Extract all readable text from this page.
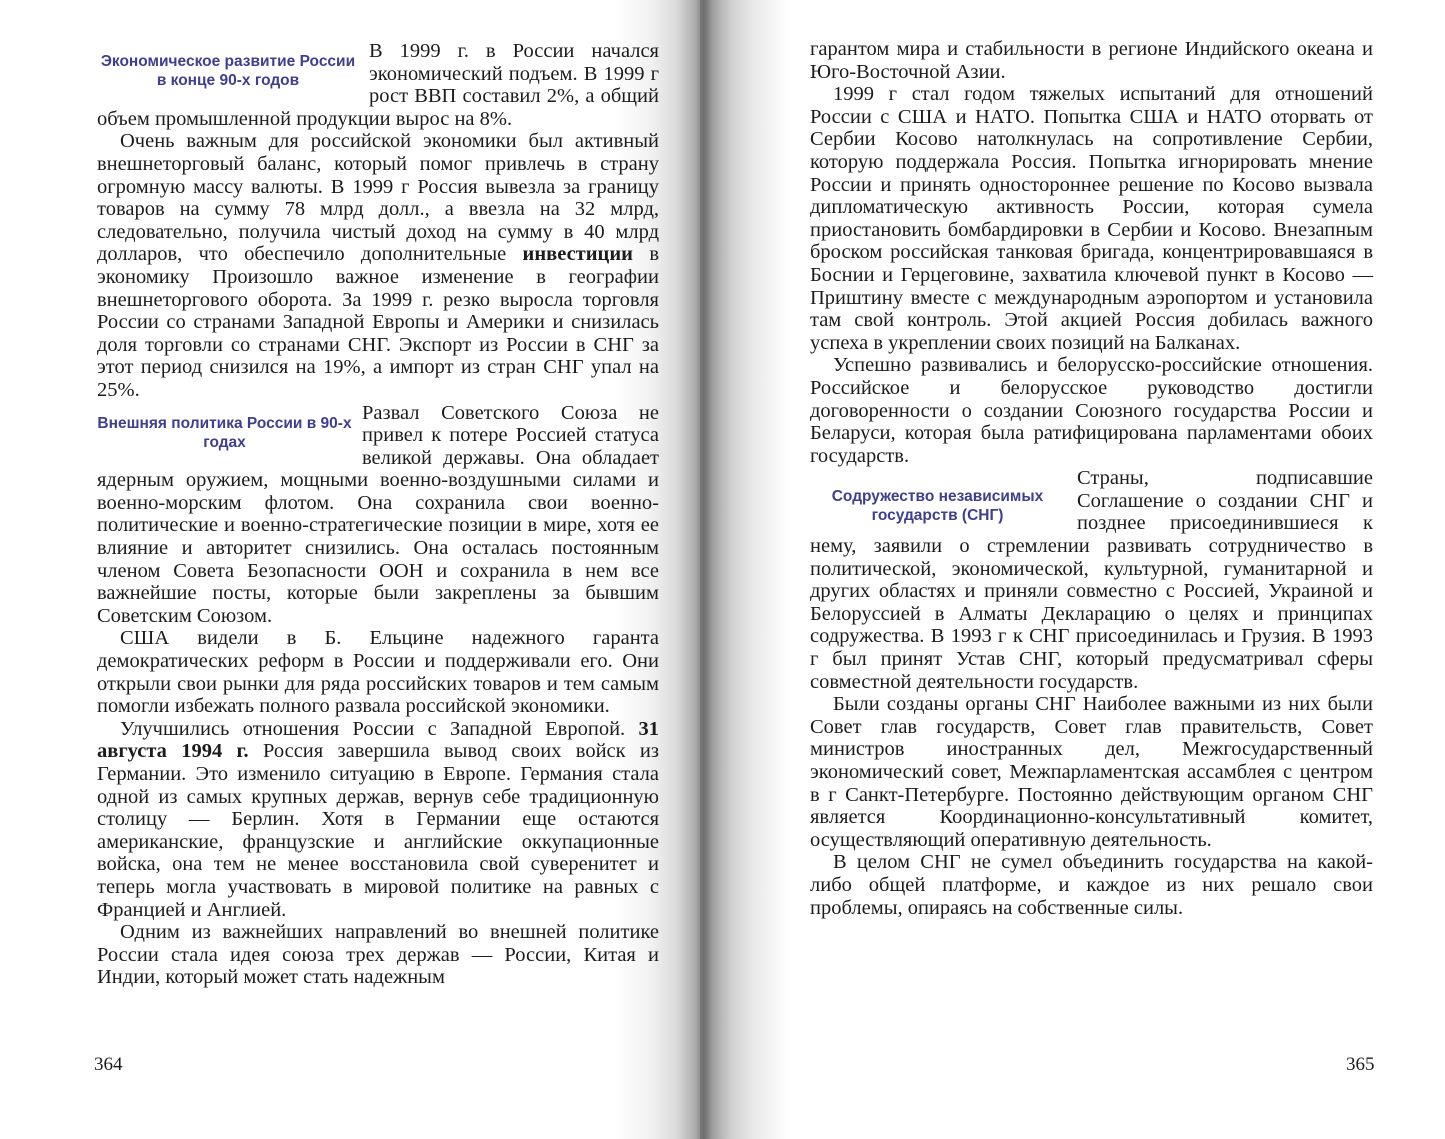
Экономическое развитие России в конце 90-х годов

В 1999 г. в России начался экономический подъем. В 1999 г рост ВВП составил 2%, а общий объем промышленной продукции вырос на 8%.

Очень важным для российской экономики был активный внешнеторговый баланс, который помог привлечь в страну огромную массу валюты. В 1999 г Россия вывезла за границу товаров на сумму 78 млрд долл., а ввезла на 32 млрд, следовательно, получила чистый доход на сумму в 40 млрд долларов, что обеспечило дополнительные инвестиции в экономику Произошло важное изменение в географии внешнеторгового оборота. За 1999 г. резко выросла торговля России со странами Западной Европы и Америки и снизилась доля торговли со странами СНГ. Экспорт из России в СНГ за этот период снизился на 19%, а импорт из стран СНГ упал на 25%.

Внешняя политика России в 90-х годах

Развал Советского Союза не привел к потере Россией статуса великой державы. Она обладает ядерным оружием, мощными военно-воздушными силами и военно-морским флотом. Она сохранила свои военно-политические и военно-стратегические позиции в мире, хотя ее влияние и авторитет снизились. Она осталась постоянным членом Совета Безопасности ООН и сохранила в нем все важнейшие посты, которые были закреплены за бывшим Советским Союзом.

США видели в Б. Ельцине надежного гаранта демократических реформ в России и поддерживали его. Они открыли свои рынки для ряда российских товаров и тем самым помогли избежать полного развала российской экономики.

Улучшились отношения России с Западной Европой. 31 августа 1994 г. Россия завершила вывод своих войск из Германии. Это изменило ситуацию в Европе. Германия стала одной из самых крупных держав, вернув себе традиционную столицу — Берлин. Хотя в Германии еще остаются американские, французские и английские оккупационные войска, она тем не менее восстановила свой суверенитет и теперь могла участвовать в мировой политике на равных с Францией и Англией.

Одним из важнейших направлений во внешней политике России стала идея союза трех держав — России, Китая и Индии, который может стать надежным

364

гарантом мира и стабильности в регионе Индийского океана и Юго-Восточной Азии.

1999 г стал годом тяжелых испытаний для отношений России с США и НАТО. Попытка США и НАТО оторвать от Сербии Косово натолкнулась на сопротивление Сербии, которую поддержала Россия. Попытка игнорировать мнение России и принять одностороннее решение по Косово вызвала дипломатическую активность России, которая сумела приостановить бомбардировки в Сербии и Косово. Внезапным броском российская танковая бригада, концентрировавшаяся в Боснии и Герцеговине, захватила ключевой пункт в Косово — Приштину вместе с международным аэропортом и установила там свой контроль. Этой акцией Россия добилась важного успеха в укреплении своих позиций на Балканах.

Успешно развивались и белорусско-российские отношения. Российское и белорусское руководство достигли договоренности о создании Союзного государства России и Беларуси, которая была ратифицирована парламентами обоих государств.

Содружество независимых государств (СНГ)

Страны, подписавшие Соглашение о создании СНГ и позднее присоединившиеся к нему, заявили о стремлении развивать сотрудничество в политической, экономической, культурной, гуманитарной и других областях и приняли совместно с Россией, Украиной и Белоруссией в Алматы Декларацию о целях и принципах содружества. В 1993 г к СНГ присоединилась и Грузия. В 1993 г был принят Устав СНГ, который предусматривал сферы совместной деятельности государств.

Были созданы органы СНГ Наиболее важными из них были Совет глав государств, Совет глав правительств, Совет министров иностранных дел, Межгосударственный экономический совет, Межпарламентская ассамблея с центром в г Санкт-Петербурге. Постоянно действующим органом СНГ является Координационно-консультативный комитет, осуществляющий оперативную деятельность.

В целом СНГ не сумел объединить государства на какой-либо общей платформе, и каждое из них решало свои проблемы, опираясь на собственные силы.

365
